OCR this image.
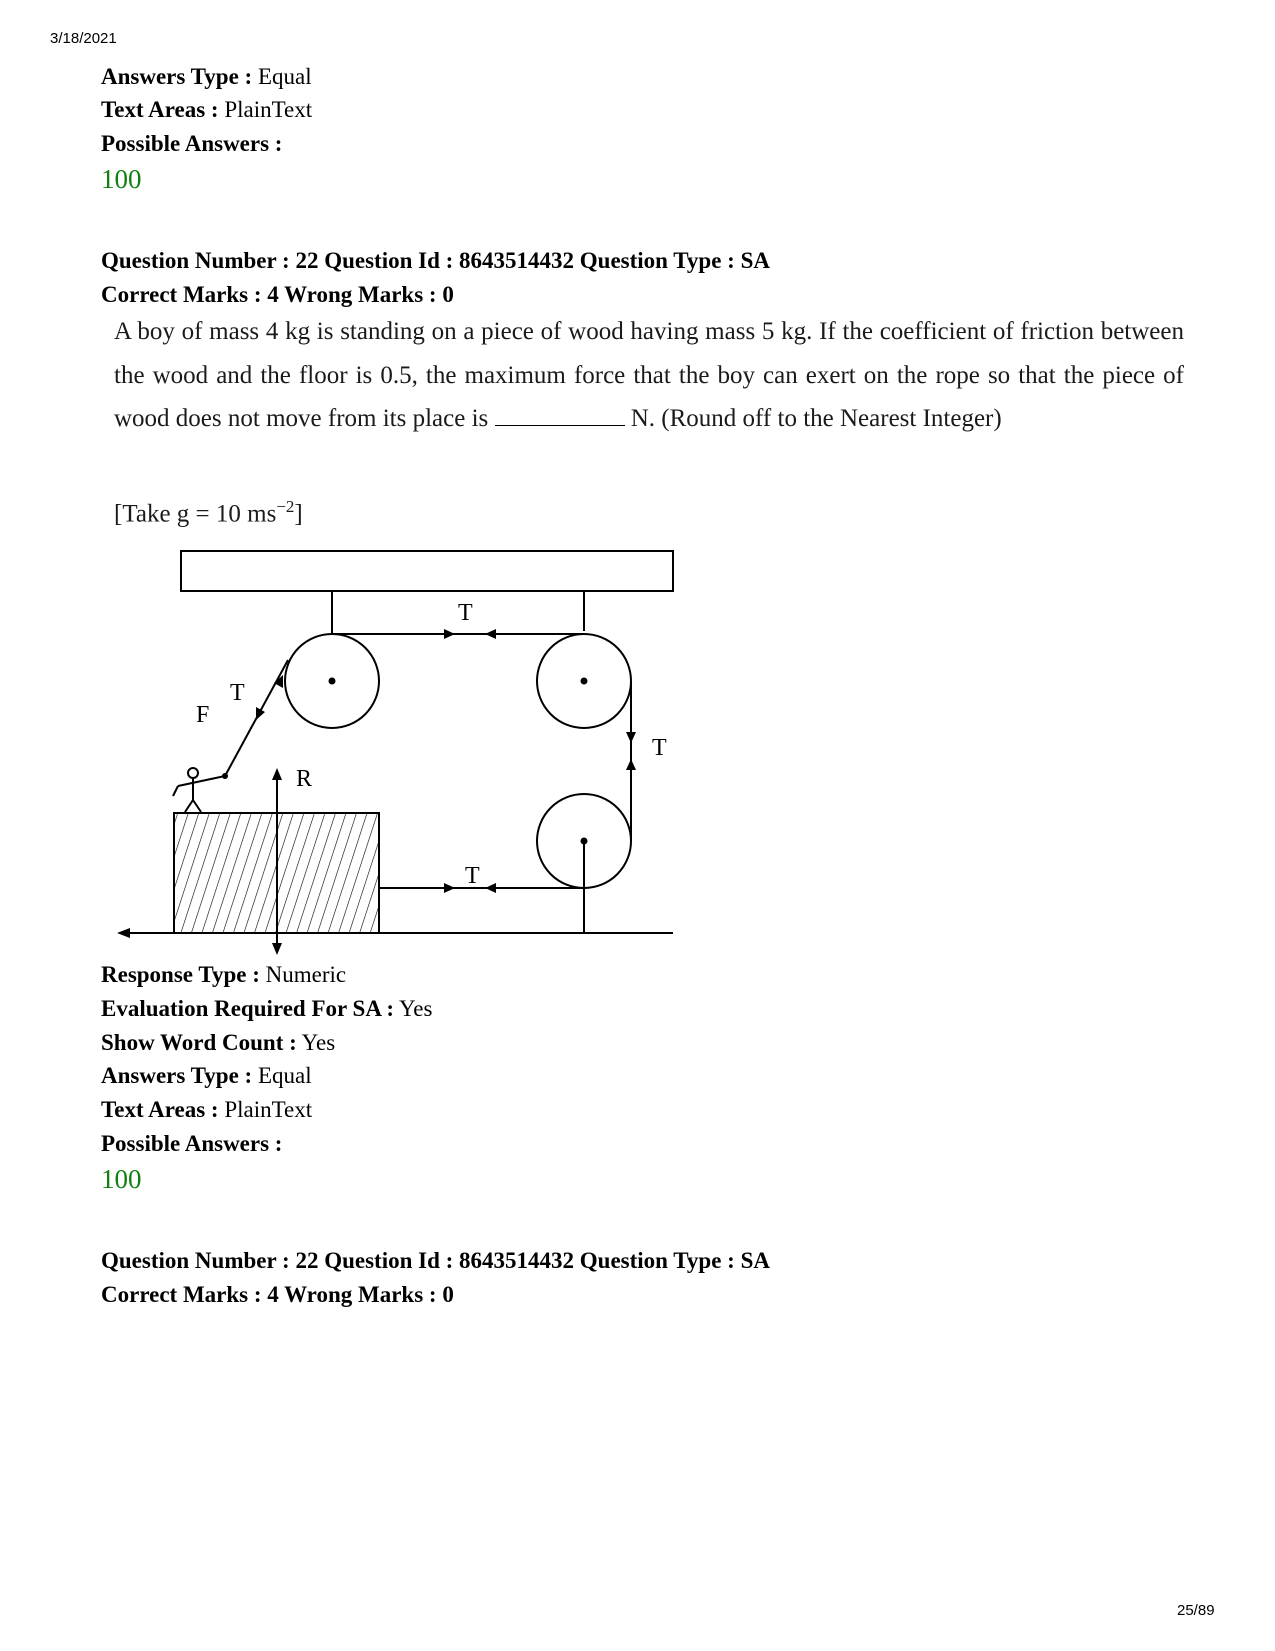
3/18/2021
Answers Type : Equal
Text Areas : PlainText
Possible Answers :
100
Question Number : 22 Question Id : 8643514432 Question Type : SA
Correct Marks : 4 Wrong Marks : 0
A boy of mass 4 kg is standing on a piece of wood having mass 5 kg. If the coefficient of friction between the wood and the floor is 0.5, the maximum force that the boy can exert on the rope so that the piece of wood does not move from its place is	N. (Round off to the Nearest Integer)
[Take g = 10 $ms^{-2}$]
T
T
F
T
R
T
Response Type : Numeric
Evaluation Required For SA : Yes
Show Word Count : Yes
Answers Type : Equal
Text Areas : PlainText
Possible Answers :
100
Question Number : 22 Question Id : 8643514432 Question Type : SA
Correct Marks : 4 Wrong Marks : 0
25/89
